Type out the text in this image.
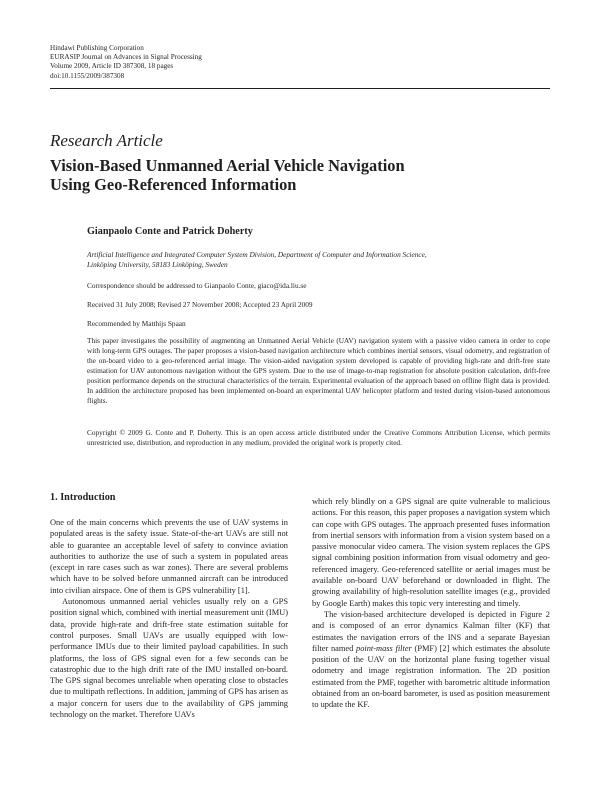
Hindawi Publishing Corporation
EURASIP Journal on Advances in Signal Processing
Volume 2009, Article ID 387308, 18 pages
doi:10.1155/2009/387308
Research Article
Vision-Based Unmanned Aerial Vehicle Navigation
Using Geo-Referenced Information
Gianpaolo Conte and Patrick Doherty
Artificial Intelligence and Integrated Computer System Division, Department of Computer and Information Science,
Linköping University, 58183 Linköping, Sweden
Correspondence should be addressed to Gianpaolo Conte, giaco@ida.liu.se
Received 31 July 2008; Revised 27 November 2008; Accepted 23 April 2009
Recommended by Matthijs Spaan
This paper investigates the possibility of augmenting an Unmanned Aerial Vehicle (UAV) navigation system with a passive video camera in order to cope with long-term GPS outages. The paper proposes a vision-based navigation architecture which combines inertial sensors, visual odometry, and registration of the on-board video to a geo-referenced aerial image. The vision-aided navigation system developed is capable of providing high-rate and drift-free state estimation for UAV autonomous navigation without the GPS system. Due to the use of image-to-map registration for absolute position calculation, drift-free position performance depends on the structural characteristics of the terrain. Experimental evaluation of the approach based on offline flight data is provided. In addition the architecture proposed has been implemented on-board an experimental UAV helicopter platform and tested during vision-based autonomous flights.
Copyright © 2009 G. Conte and P. Doherty. This is an open access article distributed under the Creative Commons Attribution License, which permits unrestricted use, distribution, and reproduction in any medium, provided the original work is properly cited.
1. Introduction

One of the main concerns which prevents the use of UAV systems in populated areas is the safety issue. State-of-the-art UAVs are still not able to guarantee an acceptable level of safety to convince aviation authorities to authorize the use of such a system in populated areas (except in rare cases such as war zones). There are several problems which have to be solved before unmanned aircraft can be introduced into civilian airspace. One of them is GPS vulnerability [1].

Autonomous unmanned aerial vehicles usually rely on a GPS position signal which, combined with inertial measurement unit (IMU) data, provide high-rate and drift-free state estimation suitable for control purposes. Small UAVs are usually equipped with low-performance IMUs due to their limited payload capabilities. In such platforms, the loss of GPS signal even for a few seconds can be catastrophic due to the high drift rate of the IMU installed on-board. The GPS signal becomes unreliable when operating close to obstacles due to multipath reflections. In addition, jamming of GPS has arisen as a major concern for users due to the availability of GPS jamming technology on the market. Therefore UAVs

which rely blindly on a GPS signal are quite vulnerable to malicious actions. For this reason, this paper proposes a navigation system which can cope with GPS outages. The approach presented fuses information from inertial sensors with information from a vision system based on a passive monocular video camera. The vision system replaces the GPS signal combining position information from visual odometry and geo-referenced imagery. Geo-referenced satellite or aerial images must be available on-board UAV beforehand or downloaded in flight. The growing availability of high-resolution satellite images (e.g., provided by Google Earth) makes this topic very interesting and timely.

The vision-based architecture developed is depicted in Figure 2 and is composed of an error dynamics Kalman filter (KF) that estimates the navigation errors of the INS and a separate Bayesian filter named point-mass filter (PMF) [2] which estimates the absolute position of the UAV on the horizontal plane fusing together visual odometry and image registration information. The 2D position estimated from the PMF, together with barometric altitude information obtained from an on-board barometer, is used as position measurement to update the KF.
